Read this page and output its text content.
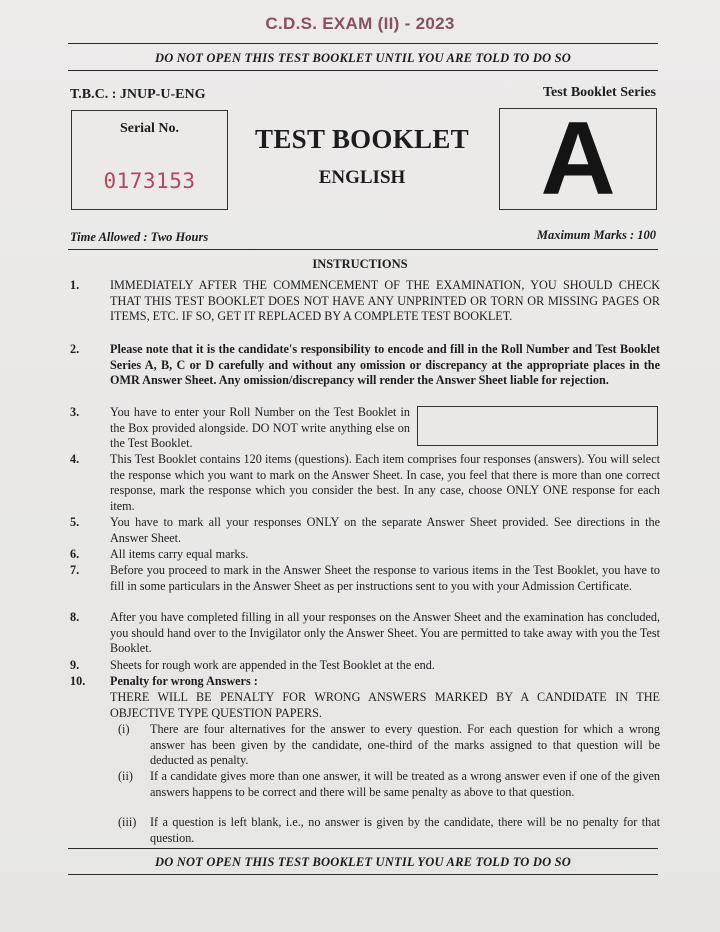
C.D.S. EXAM (II) - 2023
DO NOT OPEN THIS TEST BOOKLET UNTIL YOU ARE TOLD TO DO SO
T.B.C. : JNUP-U-ENG	Test Booklet Series
Serial No.
0173153
TEST BOOKLET
ENGLISH	A
Time Allowed : Two Hours	Maximum Marks : 100
INSTRUCTIONS
1.	IMMEDIATELY AFTER THE COMMENCEMENT OF THE EXAMINATION, YOU SHOULD CHECK THAT THIS TEST BOOKLET DOES NOT HAVE ANY UNPRINTED OR TORN OR MISSING PAGES OR ITEMS, ETC. IF SO, GET IT REPLACED BY A COMPLETE TEST BOOKLET.
2.	Please note that it is the candidate's responsibility to encode and fill in the Roll Number and Test Booklet Series A, B, C or D carefully and without any omission or discrepancy at the appropriate places in the OMR Answer Sheet. Any omission/discrepancy will render the Answer Sheet liable for rejection.
3.	You have to enter your Roll Number on the Test Booklet in the Box provided alongside. DO NOT write anything else on the Test Booklet.
4.	This Test Booklet contains 120 items (questions). Each item comprises four responses (answers). You will select the response which you want to mark on the Answer Sheet. In case, you feel that there is more than one correct response, mark the response which you consider the best. In any case, choose ONLY ONE response for each item.
5.	You have to mark all your responses ONLY on the separate Answer Sheet provided. See directions in the Answer Sheet.
6.	All items carry equal marks.
7.	Before you proceed to mark in the Answer Sheet the response to various items in the Test Booklet, you have to fill in some particulars in the Answer Sheet as per instructions sent to you with your Admission Certificate.
8.	After you have completed filling in all your responses on the Answer Sheet and the examination has concluded, you should hand over to the Invigilator only the Answer Sheet. You are permitted to take away with you the Test Booklet.
9.	Sheets for rough work are appended in the Test Booklet at the end.
10.	Penalty for wrong Answers :
THERE WILL BE PENALTY FOR WRONG ANSWERS MARKED BY A CANDIDATE IN THE OBJECTIVE TYPE QUESTION PAPERS.
(i)	There are four alternatives for the answer to every question. For each question for which a wrong answer has been given by the candidate, one-third of the marks assigned to that question will be deducted as penalty.
(ii)	If a candidate gives more than one answer, it will be treated as a wrong answer even if one of the given answers happens to be correct and there will be same penalty as above to that question.
(iii)	If a question is left blank, i.e., no answer is given by the candidate, there will be no penalty for that question.
DO NOT OPEN THIS TEST BOOKLET UNTIL YOU ARE TOLD TO DO SO
